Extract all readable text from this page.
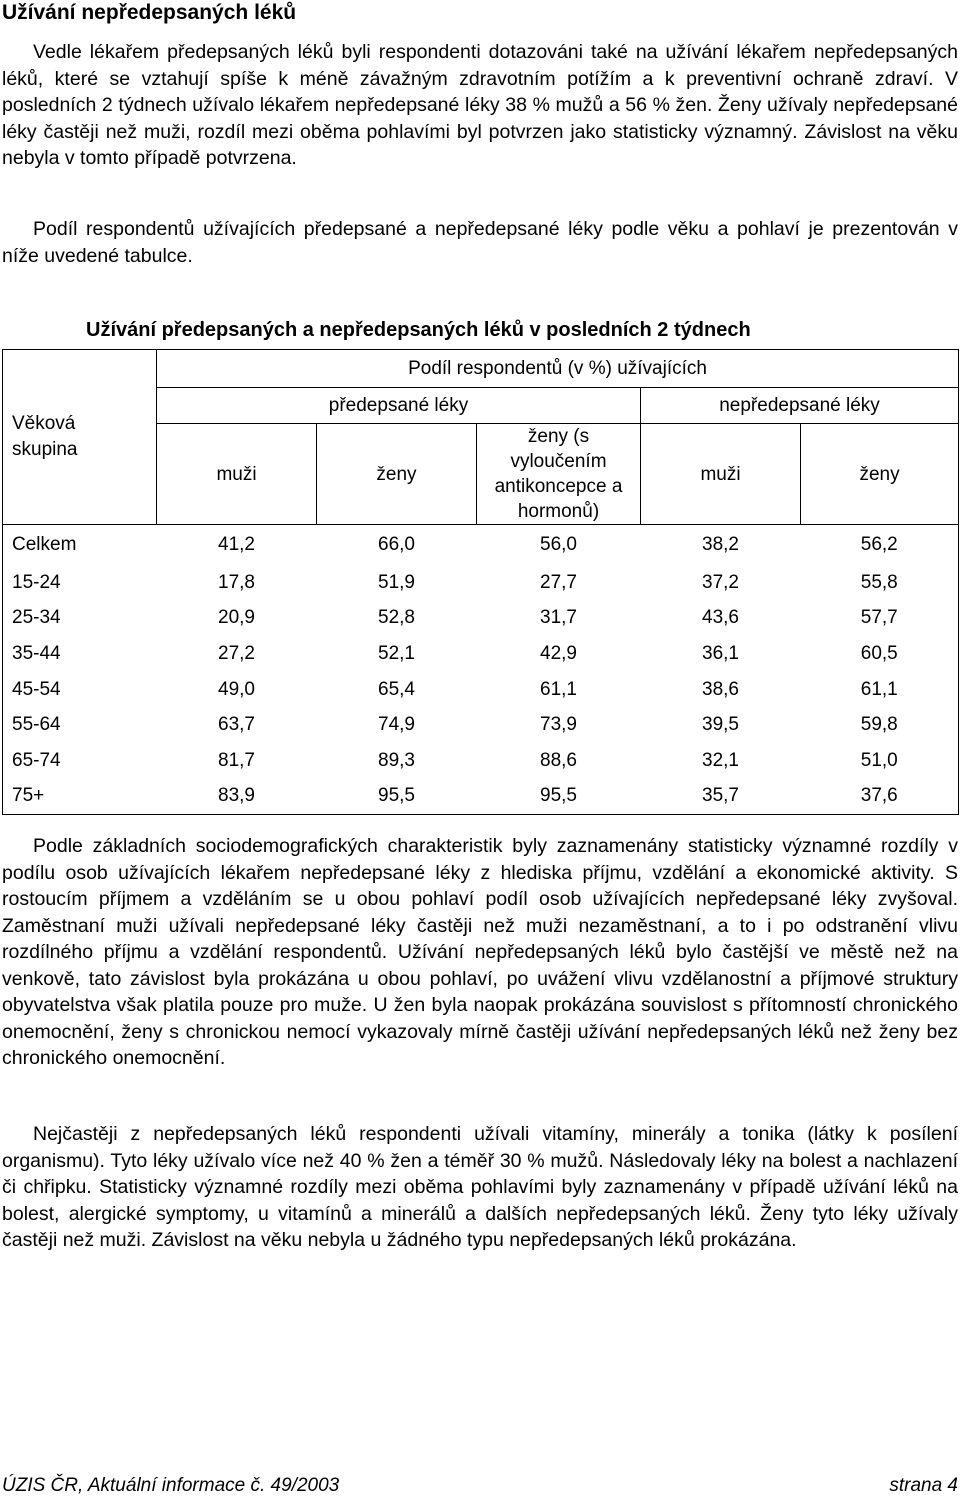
Užívání nepředepsaných léků

Vedle lékařem předepsaných léků byli respondenti dotazováni také na užívání lékařem nepředepsaných léků, které se vztahují spíše k méně závažným zdravotním potížím a k preventivní ochraně zdraví. V posledních 2 týdnech užívalo lékařem nepředepsané léky 38 % mužů a 56 % žen. Ženy užívaly nepředepsané léky častěji než muži, rozdíl mezi oběma pohlavími byl potvrzen jako statisticky významný. Závislost na věku nebyla v tomto případě potvrzena.

Podíl respondentů užívajících předepsané a nepředepsané léky podle věku a pohlaví je prezentován v níže uvedené tabulce.

Užívání předepsaných a nepředepsaných léků v posledních 2 týdnech
Věková skupina	Podíl respondentů (v %) užívajících				
	předepsané léky			nepředepsané léky	
	muži	ženy	ženy (s vyloučením antikoncepce a hormonů)	muži	ženy
Celkem	41,2	66,0	56,0	38,2	56,2
15-24	17,8	51,9	27,7	37,2	55,8
25-34	20,9	52,8	31,7	43,6	57,7
35-44	27,2	52,1	42,9	36,1	60,5
45-54	49,0	65,4	61,1	38,6	61,1
55-64	63,7	74,9	73,9	39,5	59,8
65-74	81,7	89,3	88,6	32,1	51,0
75+	83,9	95,5	95,5	35,7	37,6

Podle základních sociodemografických charakteristik byly zaznamenány statisticky významné rozdíly v podílu osob užívajících lékařem nepředepsané léky z hlediska příjmu, vzdělání a ekonomické aktivity. S rostoucím příjmem a vzděláním se u obou pohlaví podíl osob užívajících nepředepsané léky zvyšoval. Zaměstnaní muži užívali nepředepsané léky častěji než muži nezaměstnaní, a to i po odstranění vlivu rozdílného příjmu a vzdělání respondentů. Užívání nepředepsaných léků bylo častější ve městě než na venkově, tato závislost byla prokázána u obou pohlaví, po uvážení vlivu vzdělanostní a příjmové struktury obyvatelstva však platila pouze pro muže. U žen byla naopak prokázána souvislost s přítomností chronického onemocnění, ženy s chronickou nemocí vykazovaly mírně častěji užívání nepředepsaných léků než ženy bez chronického onemocnění.

Nejčastěji z nepředepsaných léků respondenti užívali vitamíny, minerály a tonika (látky k posílení organismu). Tyto léky užívalo více než 40 % žen a téměř 30 % mužů. Následovaly léky na bolest a nachlazení či chřipku. Statisticky významné rozdíly mezi oběma pohlavími byly zaznamenány v případě užívání léků na bolest, alergické symptomy, u vitamínů a minerálů a dalších nepředepsaných léků. Ženy tyto léky užívaly častěji než muži. Závislost na věku nebyla u žádného typu nepředepsaných léků prokázána.

ÚZIS ČR, Aktuální informace č. 49/2003	strana 4
